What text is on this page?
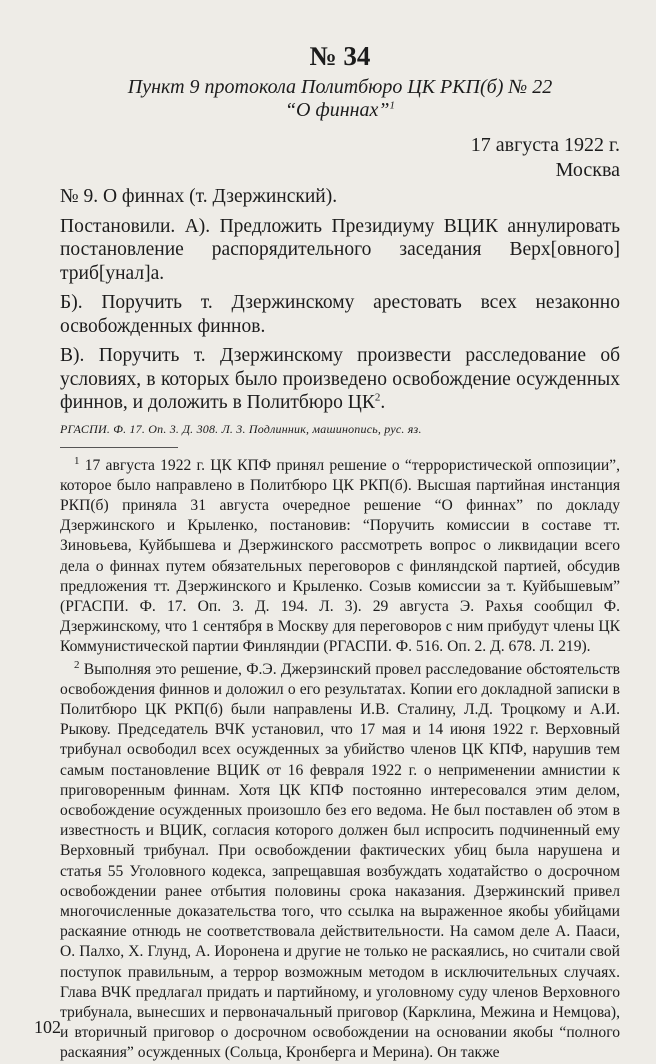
№ 34
Пункт 9 протокола Политбюро ЦК РКП(б) № 22
“О финнах”$^1$
17 августа 1922 г.
Москва
№ 9. О финнах (т. Дзержинский).
Постановили. А). Предложить Президиуму ВЦИК аннулировать постановление распорядительного заседания Верх[овного] триб[унал]а.
Б). Поручить т. Дзержинскому арестовать всех незаконно освобожденных финнов.
В). Поручить т. Дзержинскому произвести расследование об условиях, в которых было произведено освобождение осужденных финнов, и доложить в Политбюро $ЦК^2$.
РГАСПИ. Ф. 17. Оп. 3. Д. 308. Л. 3. Подлинник, машинопись, рус. яз.

$^1$ 17 августа 1922 г. ЦК КПФ принял решение о “террористической оппозиции”, которое было направлено в Политбюро ЦК РКП(б). Высшая партийная инстанция РКП(б) приняла 31 августа очередное решение “О финнах” по докладу Дзержинского и Крыленко, постановив: “Поручить комиссии в составе тт. Зиновьева, Куйбышева и Дзержинского рассмотреть вопрос о ликвидации всего дела о финнах путем обязательных переговоров с финляндской партией, обсудив предложения тт. Дзержинского и Крыленко. Созыв комиссии за т. Куйбышевым” (РГАСПИ. Ф. 17. Оп. 3. Д. 194. Л. 3). 29 августа Э. Рахья сообщил Ф. Дзержинскому, что 1 сентября в Москву для переговоров с ним прибудут члены ЦК Коммунистической партии Финляндии (РГАСПИ. Ф. 516. Оп. 2. Д. 678. Л. 219).

$^2$ Выполняя это решение, Ф.Э. Джерзинский провел расследование обстоятельств освобождения финнов и доложил о его результатах. Копии его докладной записки в Политбюро ЦК РКП(б) были направлены И.В. Сталину, Л.Д. Троцкому и А.И. Рыкову. Председатель ВЧК установил, что 17 мая и 14 июня 1922 г. Верховный трибунал освободил всех осужденных за убийство членов ЦК КПФ, нарушив тем самым постановление ВЦИК от 16 февраля 1922 г. о неприменении амнистии к приговоренным финнам. Хотя ЦК КПФ постоянно интересовался этим делом, освобождение осужденных произошло без его ведома. Не был поставлен об этом в известность и ВЦИК, согласия которого должен был испросить подчиненный ему Верховный трибунал. При освобождении фактических убиц была нарушена и статья 55 Уголовного кодекса, запрещавшая возбуждать ходатайство о досрочном освобождении ранее отбытия половины срока наказания. Дзержинский привел многочисленные доказательства того, что ссылка на выраженное якобы убийцами раскаяние отнюдь не соответствовала действительности. На самом деле А. Пааси, О. Палхо, Х. Глунд, А. Иоронена и другие не только не раскаялись, но считали свой поступок правильным, а террор возможным методом в исключительных случаях. Глава ВЧК предлагал придать и партийному, и уголовному суду членов Верховного трибунала, вынесших и первоначальный приговор (Карклина, Межина и Немцова), и вторичный приговор о досрочном освобождении на основании якобы “полного раскаяния” осужденных (Сольца, Кронберга и Мерина). Он также

102
